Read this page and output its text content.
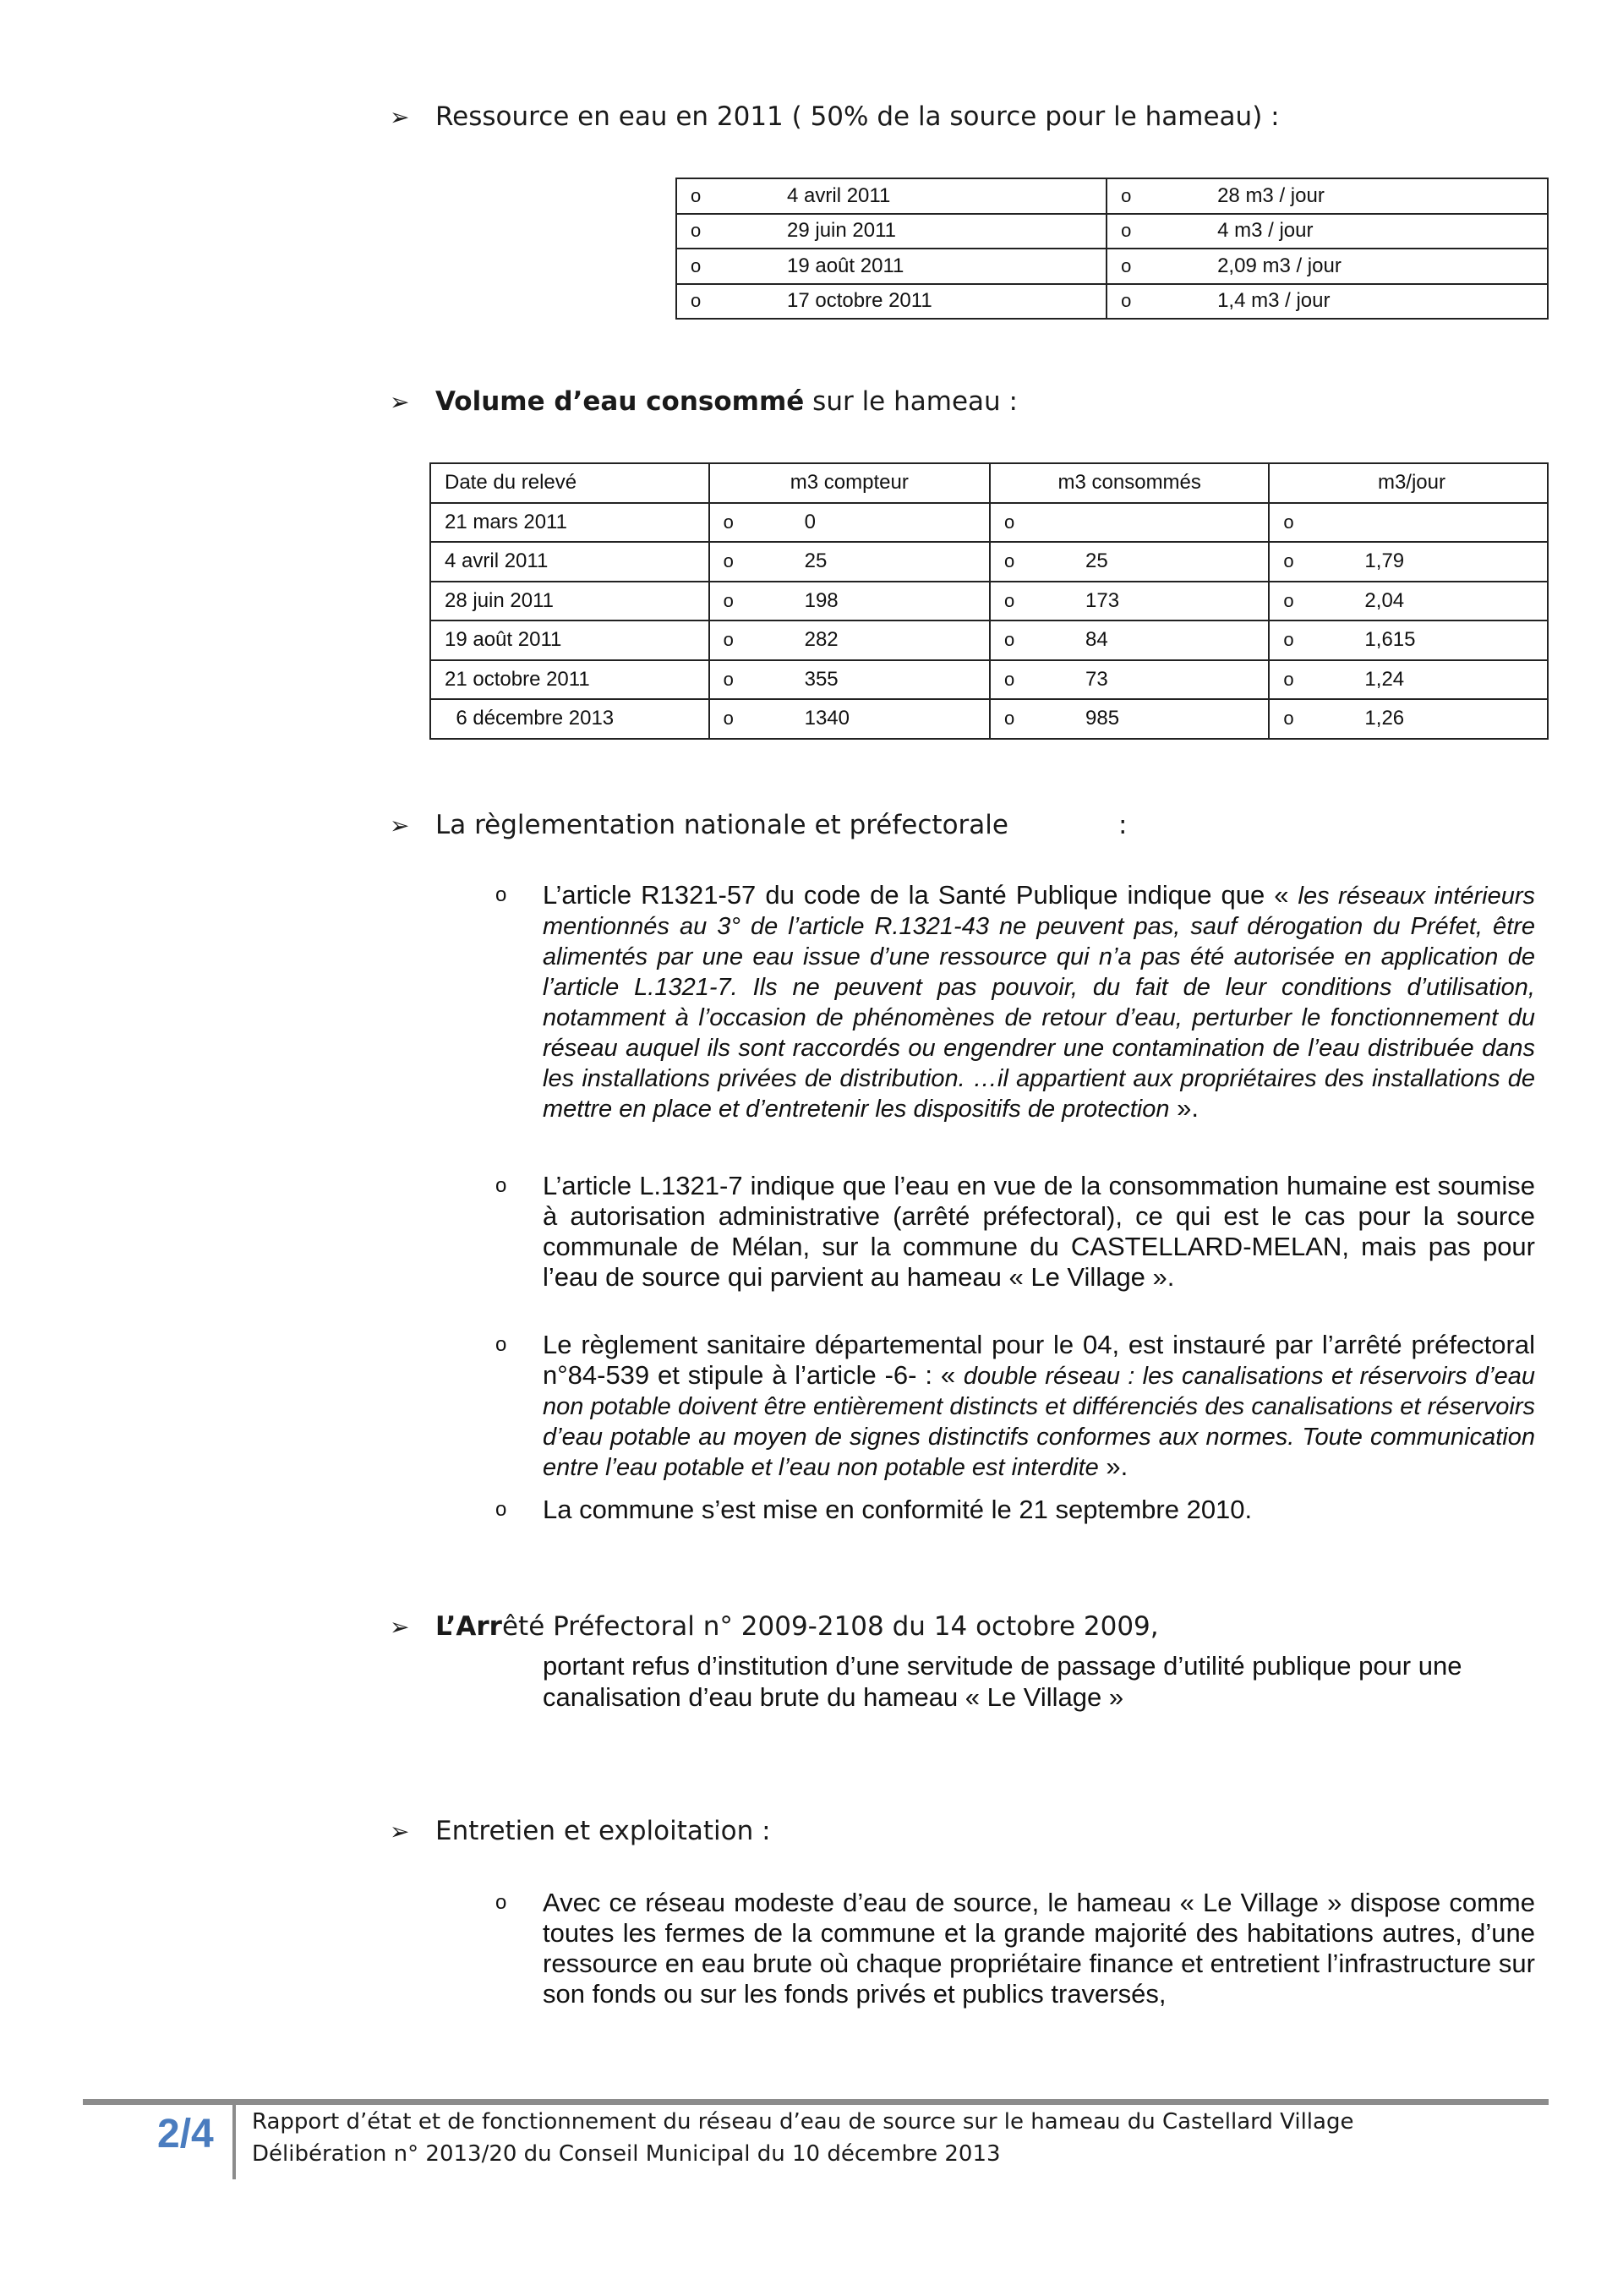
➢ Ressource en eau en 2011 ( 50% de la source pour le hameau) :
o 4 avril 2011	o 28 m3 / jour
o 29 juin 2011	o 4 m3 / jour
o 19 août 2011	o 2,09 m3 / jour
o 17 octobre 2011	o 1,4 m3 / jour
➢ Volume d’eau consommé sur le hameau :
Date du relevé	m3 compteur	m3 consommés	m3/jour
21 mars 2011	o 0	o	o
4 avril 2011	o 25	o 25	o 1,79
28 juin 2011	o 198	o 173	o 2,04
19 août 2011	o 282	o 84	o 1,615
21 octobre 2011	o 355	o 73	o 1,24
6 décembre 2013	o 1340	o 985	o 1,26
➢ La règlementation nationale et préfectorale	:
o L’article R1321-57 du code de la Santé Publique indique que « les réseaux intérieurs mentionnés au 3° de l’article R.1321-43 ne peuvent pas, sauf dérogation du Préfet, être alimentés par une eau issue d’une ressource qui n’a pas été autorisée en application de l’article L.1321-7. Ils ne peuvent pas pouvoir, du fait de leur conditions d’utilisation, notamment à l’occasion de phénomènes de retour d’eau, perturber le fonctionnement du réseau auquel ils sont raccordés ou engendrer une contamination de l’eau distribuée dans les installations privées de distribution. …il appartient aux propriétaires des installations de mettre en place et d’entretenir les dispositifs de protection ».
o L’article L.1321-7 indique que l’eau en vue de la consommation humaine est soumise à autorisation administrative (arrêté préfectoral), ce qui est le cas pour la source communale de Mélan, sur la commune du CASTELLARD-MELAN, mais pas pour l’eau de source qui parvient au hameau « Le Village ».
o Le règlement sanitaire départemental pour le 04, est instauré par l’arrêté préfectoral n°84-539 et stipule à l’article -6- : « double réseau : les canalisations et réservoirs d’eau non potable doivent être entièrement distincts et différenciés des canalisations et réservoirs d’eau potable au moyen de signes distinctifs conformes aux normes. Toute communication entre l’eau potable et l’eau non potable est interdite ».
o La commune s’est mise en conformité le 21 septembre 2010.
➢ L’Arrêté Préfectoral n° 2009-2108 du 14 octobre 2009,
portant refus d’institution d’une servitude de passage d’utilité publique pour une canalisation d’eau brute du hameau « Le Village »
➢ Entretien et exploitation :
o Avec ce réseau modeste d’eau de source, le hameau « Le Village » dispose comme toutes les fermes de la commune et la grande majorité des habitations autres, d’une ressource en eau brute où chaque propriétaire finance et entretient l’infrastructure sur son fonds ou sur les fonds privés et publics traversés,
2/4 Rapport d’état et de fonctionnement du réseau d’eau de source sur le hameau du Castellard Village
Délibération n° 2013/20 du Conseil Municipal du 10 décembre 2013
